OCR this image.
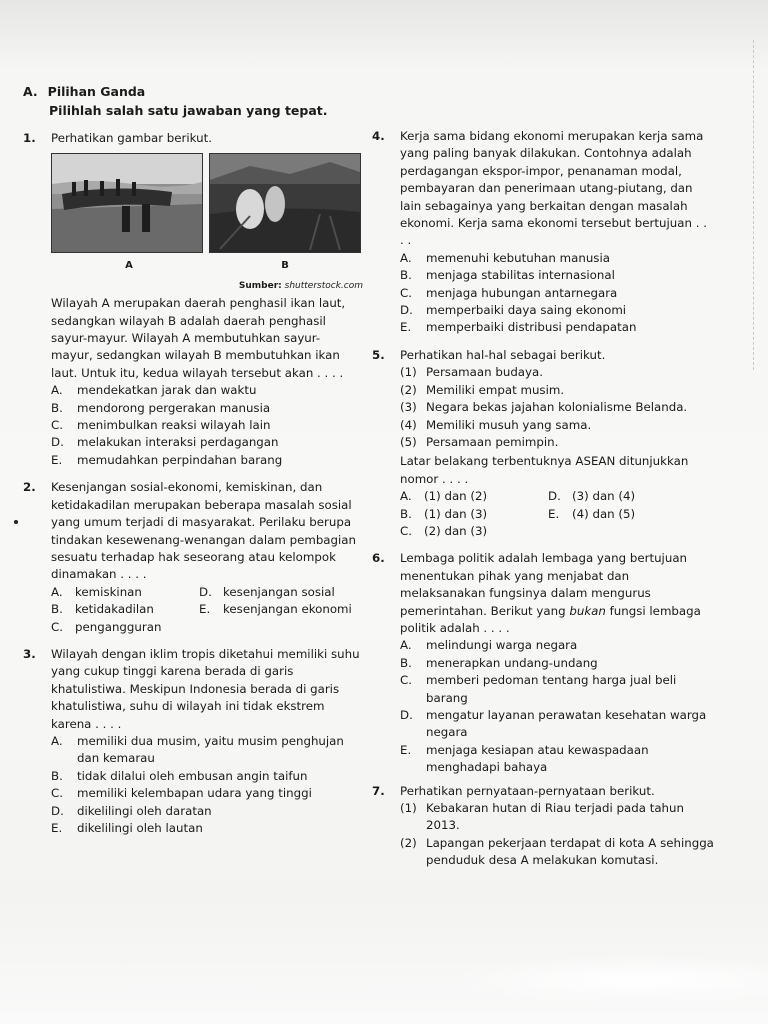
A. Pilihan Ganda
Pilihlah salah satu jawaban yang tepat.
1.	Perhatikan gambar berikut.
A	B
Sumber: shutterstock.com
Wilayah A merupakan daerah penghasil ikan laut, sedangkan wilayah B adalah daerah penghasil sayur-mayur. Wilayah A membutuhkan sayur-mayur, sedangkan wilayah B membutuhkan ikan laut. Untuk itu, kedua wilayah tersebut akan . . . .
A.	mendekatkan jarak dan waktu
B.	mendorong pergerakan manusia
C.	menimbulkan reaksi wilayah lain
D.	melakukan interaksi perdagangan
E.	memudahkan perpindahan barang
2.	Kesenjangan sosial-ekonomi, kemiskinan, dan ketidakadilan merupakan beberapa masalah sosial yang umum terjadi di masyarakat. Perilaku berupa tindakan kesewenang-wenangan dalam pembagian sesuatu terhadap hak seseorang atau kelompok dinamakan . . . .
A.	kemiskinan	D. kesenjangan sosial
B.	ketidakadilan	E.	kesenjangan ekonomi
C.	pengangguran
3.	Wilayah dengan iklim tropis diketahui memiliki suhu yang cukup tinggi karena berada di garis khatulistiwa. Meskipun Indonesia berada di garis khatulistiwa, suhu di wilayah ini tidak ekstrem karena . . . .
A.	memiliki dua musim, yaitu musim penghujan dan kemarau
B.	tidak dilalui oleh embusan angin taifun
C.	memiliki kelembapan udara yang tinggi
D.	dikelilingi oleh daratan
E.	dikelilingi oleh lautan
4.	Kerja sama bidang ekonomi merupakan kerja sama yang paling banyak dilakukan. Contohnya adalah perdagangan ekspor-impor, penanaman modal, pembayaran dan penerimaan utang-piutang, dan lain sebagainya yang berkaitan dengan masalah ekonomi. Kerja sama ekonomi tersebut bertujuan . . . .
A.	memenuhi kebutuhan manusia
B.	menjaga stabilitas internasional
C.	menjaga hubungan antarnegara
D.	memperbaiki daya saing ekonomi
E.	memperbaiki distribusi pendapatan
5.	Perhatikan hal-hal sebagai berikut.
(1) Persamaan budaya.
(2) Memiliki empat musim.
(3) Negara bekas jajahan kolonialisme Belanda.
(4) Memiliki musuh yang sama.
(5) Persamaan pemimpin.
Latar belakang terbentuknya ASEAN ditunjukkan nomor . . . .
A.	(1) dan (2)	D. (3) dan (4)
B.	(1) dan (3)	E.	(4) dan (5)
C.	(2) dan (3)
6.	Lembaga politik adalah lembaga yang bertujuan menentukan pihak yang menjabat dan melaksanakan fungsinya dalam mengurus pemerintahan. Berikut yang bukan fungsi lembaga politik adalah . . . .
A.	melindungi warga negara
B.	menerapkan undang-undang
C.	memberi pedoman tentang harga jual beli barang
D.	mengatur layanan perawatan kesehatan warga negara
E.	menjaga kesiapan atau kewaspadaan menghadapi bahaya
7.	Perhatikan pernyataan-pernyataan berikut.
(1) Kebakaran hutan di Riau terjadi pada tahun 2013.
(2) Lapangan pekerjaan terdapat di kota A sehingga penduduk desa A melakukan komutasi.
